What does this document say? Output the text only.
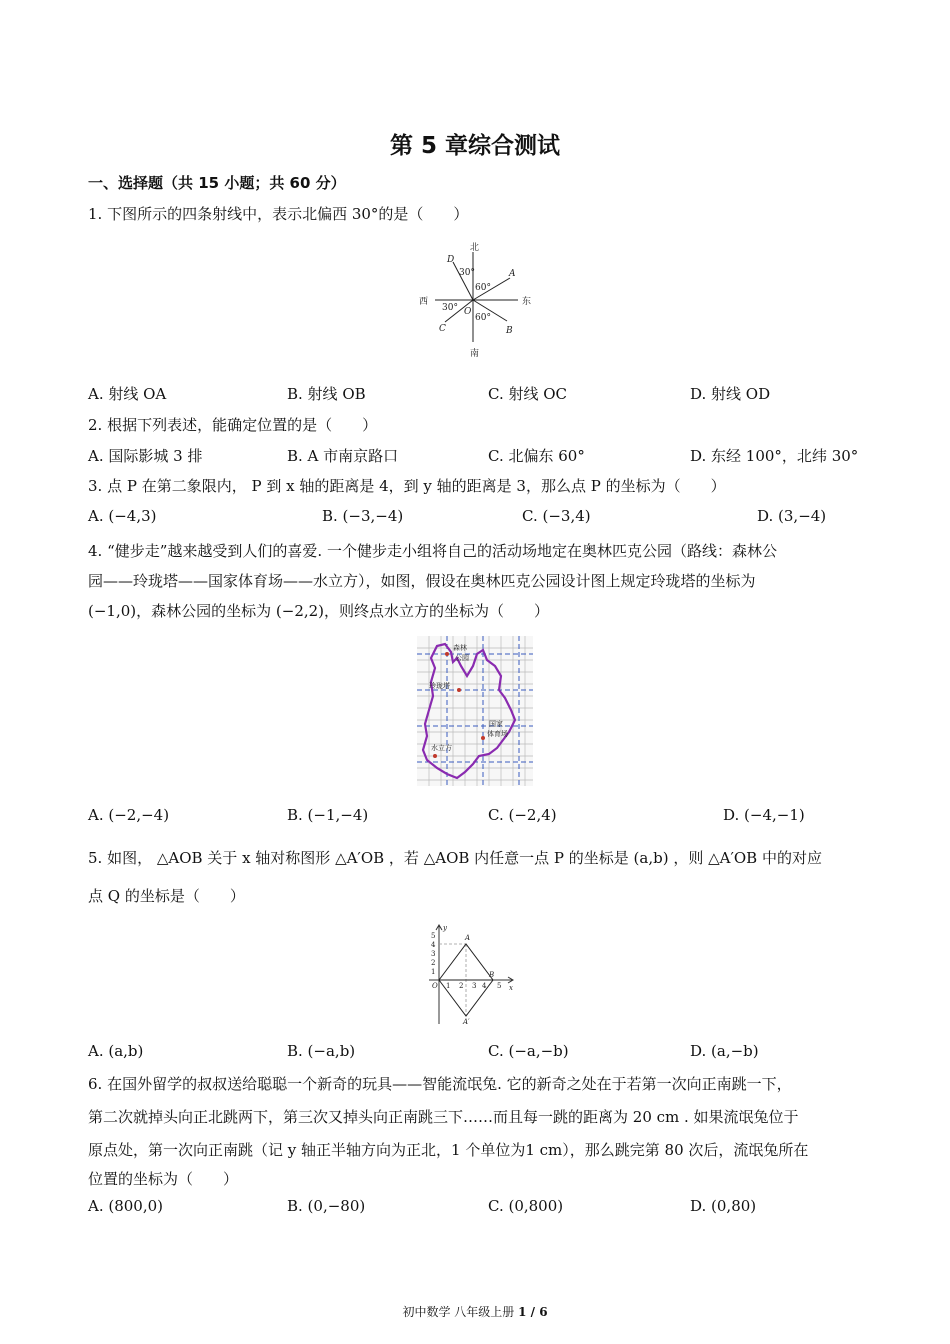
第 5 章综合测试
一、选择题（共 15 小题；共 60 分）
1. 下图所示的四条射线中，表示北偏西 30°的是（　　）
北
南
东
西
O
A
B
C
D
30°
60°
30°
60°
A. 射线 OA	B. 射线 OB	C. 射线 OC	D. 射线 OD
2. 根据下列表述，能确定位置的是（　　）
A. 国际影城 3 排	B. A 市南京路口	C. 北偏东 60°	D. 东经 100°，北纬 30°
3. 点 P 在第二象限内， P 到 x 轴的距离是 4，到 y 轴的距离是 3，那么点 P 的坐标为（　　）
A. (−4,3)	B. (−3,−4)	C. (−3,4)	D. (3,−4)
4. “健步走”越来越受到人们的喜爱. 一个健步走小组将自己的活动场地定在奥林匹克公园（路线：森林公
园——玲珑塔——国家体育场——水立方），如图，假设在奥林匹克公园设计图上规定玲珑塔的坐标为
(−1,0)，森林公园的坐标为 (−2,2)，则终点水立方的坐标为（　　）
森林
公园
玲珑塔
国家
体育场
水立方
A. (−2,−4)	B. (−1,−4)	C. (−2,4)	D. (−4,−1)
5. 如图， △AOB 关于 x 轴对称图形 △A′OB ，若 △AOB 内任意一点 P 的坐标是 (a,b) ，则 △A′OB 中的对应
点 Q 的坐标是（　　）
y
x
O
A
B
A′
5
4
3
2
1
1 2 3 4 5
A. (a,b)	B. (−a,b)	C. (−a,−b)	D. (a,−b)
6. 在国外留学的叔叔送给聪聪一个新奇的玩具——智能流氓兔. 它的新奇之处在于若第一次向正南跳一下，
第二次就掉头向正北跳两下，第三次又掉头向正南跳三下……而且每一跳的距离为 20 cm . 如果流氓兔位于
原点处，第一次向正南跳（记 y 轴正半轴方向为正北，1 个单位为1 cm），那么跳完第 80 次后，流氓兔所在
位置的坐标为（　　）
A. (800,0)	B. (0,−80)	C. (0,800)	D. (0,80)
初中数学 八年级上册 1 / 6
